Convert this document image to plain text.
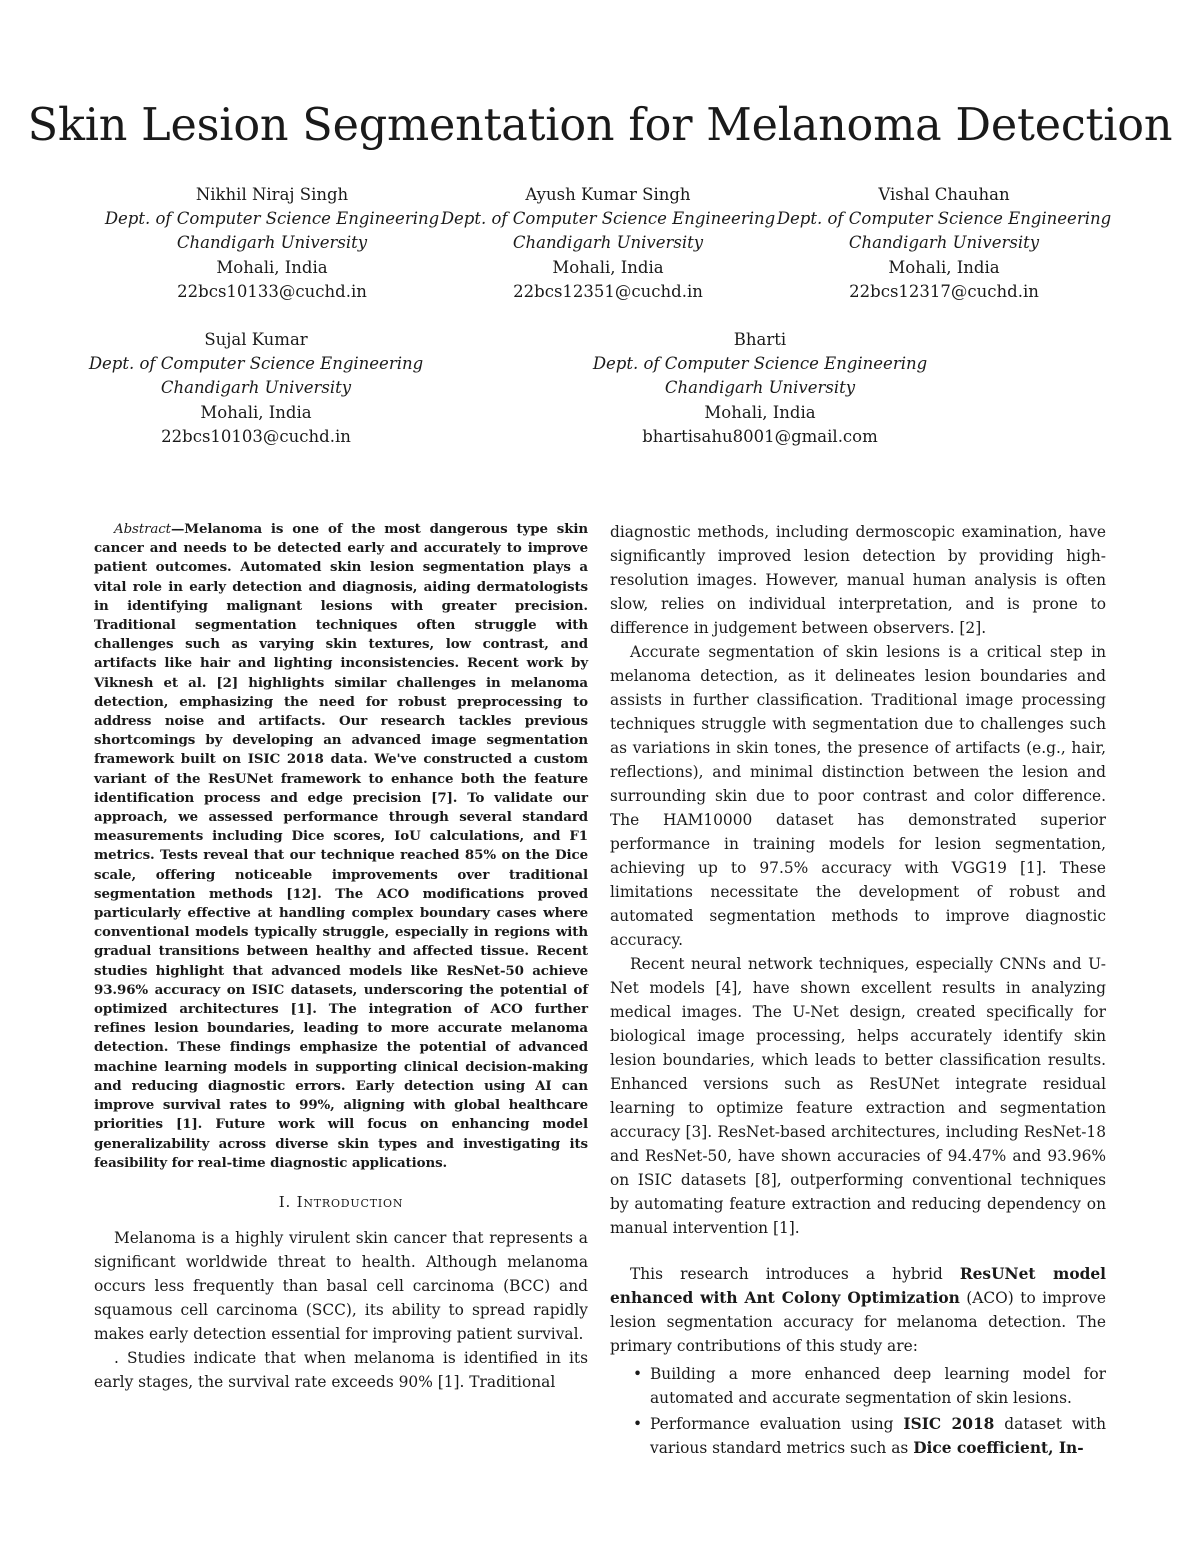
Skin Lesion Segmentation for Melanoma Detection
Nikhil Niraj Singh
Dept. of Computer Science Engineering
Chandigarh University
Mohali, India
22bcs10133@cuchd.in
Ayush Kumar Singh
Dept. of Computer Science Engineering
Chandigarh University
Mohali, India
22bcs12351@cuchd.in
Vishal Chauhan
Dept. of Computer Science Engineering
Chandigarh University
Mohali, India
22bcs12317@cuchd.in
Sujal Kumar
Dept. of Computer Science Engineering
Chandigarh University
Mohali, India
22bcs10103@cuchd.in
Bharti
Dept. of Computer Science Engineering
Chandigarh University
Mohali, India
bhartisahu8001@gmail.com

Abstract—Melanoma is one of the most dangerous type skin cancer and needs to be detected early and accurately to improve patient outcomes. Automated skin lesion segmentation plays a vital role in early detection and diagnosis, aiding dermatologists in identifying malignant lesions with greater precision. Traditional segmentation techniques often struggle with challenges such as varying skin textures, low contrast, and artifacts like hair and lighting inconsistencies. Recent work by Viknesh et al. [2] highlights similar challenges in melanoma detection, emphasizing the need for robust preprocessing to address noise and artifacts. Our research tackles previous shortcomings by developing an advanced image segmentation framework built on ISIC 2018 data. We've constructed a custom variant of the ResUNet framework to enhance both the feature identification process and edge precision [7]. To validate our approach, we assessed performance through several standard measurements including Dice scores, IoU calculations, and F1 metrics. Tests reveal that our technique reached 85% on the Dice scale, offering noticeable improvements over traditional segmentation methods [12]. The ACO modifications proved particularly effective at handling complex boundary cases where conventional models typically struggle, especially in regions with gradual transitions between healthy and affected tissue. Recent studies highlight that advanced models like ResNet-50 achieve 93.96% accuracy on ISIC datasets, underscoring the potential of optimized architectures [1]. The integration of ACO further refines lesion boundaries, leading to more accurate melanoma detection. These findings emphasize the potential of advanced machine learning models in supporting clinical decision-making and reducing diagnostic errors. Early detection using AI can improve survival rates to 99%, aligning with global healthcare priorities [1]. Future work will focus on enhancing model generalizability across diverse skin types and investigating its feasibility for real-time diagnostic applications.

I. Introduction

Melanoma is a highly virulent skin cancer that represents a significant worldwide threat to health. Although melanoma occurs less frequently than basal cell carcinoma (BCC) and squamous cell carcinoma (SCC), its ability to spread rapidly makes early detection essential for improving patient survival.

. Studies indicate that when melanoma is identified in its early stages, the survival rate exceeds 90% [1]. Traditional

diagnostic methods, including dermoscopic examination, have significantly improved lesion detection by providing high-resolution images. However, manual human analysis is often slow, relies on individual interpretation, and is prone to difference in judgement between observers. [2].

Accurate segmentation of skin lesions is a critical step in melanoma detection, as it delineates lesion boundaries and assists in further classification. Traditional image processing techniques struggle with segmentation due to challenges such as variations in skin tones, the presence of artifacts (e.g., hair, reflections), and minimal distinction between the lesion and surrounding skin due to poor contrast and color difference. The HAM10000 dataset has demonstrated superior performance in training models for lesion segmentation, achieving up to 97.5% accuracy with VGG19 [1]. These limitations necessitate the development of robust and automated segmentation methods to improve diagnostic accuracy.

Recent neural network techniques, especially CNNs and U-Net models [4], have shown excellent results in analyzing medical images. The U-Net design, created specifically for biological image processing, helps accurately identify skin lesion boundaries, which leads to better classification results. Enhanced versions such as ResUNet integrate residual learning to optimize feature extraction and segmentation accuracy [3]. ResNet-based architectures, including ResNet-18 and ResNet-50, have shown accuracies of 94.47% and 93.96% on ISIC datasets [8], outperforming conventional techniques by automating feature extraction and reducing dependency on manual intervention [1].

This research introduces a hybrid ResUNet model enhanced with Ant Colony Optimization (ACO) to improve lesion segmentation accuracy for melanoma detection. The primary contributions of this study are:

• Building a more enhanced deep learning model for automated and accurate segmentation of skin lesions.
• Performance evaluation using ISIC 2018 dataset with various standard metrics such as Dice coefficient, In-
